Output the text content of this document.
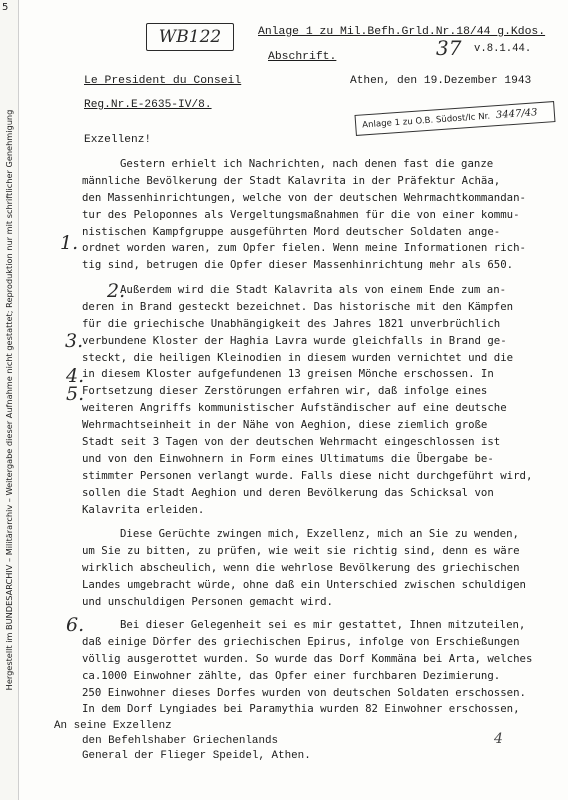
Hergestellt im BUNDESARCHIV – Militärarchiv – Weitergabe dieser Aufnahme nicht gestattet; Reproduktion nur mit schriftlicher Genehmigung
5
WB122	Anlage 1 zu Mil.Befh.Grld.Nr.18/44 g.Kdos.
37 v.8.1.44.
Abschrift.
Le President du Conseil	Athen, den 19.Dezember 1943
Reg.Nr.E-2635-IV/8.
Anlage 1 zu O.B. Südost/Ic Nr. 3447/43
Exzellenz!
Gestern erhielt ich Nachrichten, nach denen fast die ganze
männliche Bevölkerung der Stadt Kalavrita in der Präfektur Achäa,
den Massenhinrichtungen, welche von der deutschen Wehrmachtkommandan-
tur des Peloponnes als Vergeltungsmaßnahmen für die von einer kommu-
nistischen Kampfgruppe ausgeführten Mord deutscher Soldaten ange-
ordnet worden waren, zum Opfer fielen. Wenn meine Informationen rich-
tig sind, betrugen die Opfer dieser Massenhinrichtung mehr als 650.
Außerdem wird die Stadt Kalavrita als von einem Ende zum an-
deren in Brand gesteckt bezeichnet. Das historische mit den Kämpfen
für die griechische Unabhängigkeit des Jahres 1821 unverbrüchlich
verbundene Kloster der Haghia Lavra wurde gleichfalls in Brand ge-
steckt, die heiligen Kleinodien in diesem wurden vernichtet und die
in diesem Kloster aufgefundenen 13 greisen Mönche erschossen. In
Fortsetzung dieser Zerstörungen erfahren wir, daß infolge eines
weiteren Angriffs kommunistischer Aufständischer auf eine deutsche
Wehrmachtseinheit in der Nähe von Aeghion, diese ziemlich große
Stadt seit 3 Tagen von der deutschen Wehrmacht eingeschlossen ist
und von den Einwohnern in Form eines Ultimatums die Übergabe be-
stimmter Personen verlangt wurde. Falls diese nicht durchgeführt wird,
sollen die Stadt Aeghion und deren Bevölkerung das Schicksal von
Kalavrita erleiden.
Diese Gerüchte zwingen mich, Exzellenz, mich an Sie zu wenden,
um Sie zu bitten, zu prüfen, wie weit sie richtig sind, denn es wäre
wirklich abscheulich, wenn die wehrlose Bevölkerung des griechischen
Landes umgebracht würde, ohne daß ein Unterschied zwischen schuldigen
und unschuldigen Personen gemacht wird.
Bei dieser Gelegenheit sei es mir gestattet, Ihnen mitzuteilen,
daß einige Dörfer des griechischen Epirus, infolge von Erschießungen
völlig ausgerottet wurden. So wurde das Dorf Kommäna bei Arta, welches
ca.1000 Einwohner zählte, das Opfer einer furchbaren Dezimierung.
250 Einwohner dieses Dorfes wurden von deutschen Soldaten erschossen.
In dem Dorf Lyngiades bei Paramythia wurden 82 Einwohner erschossen,
1.
2.
3.
4.
5.
6.
An seine Exzellenz
den Befehlshaber Griechenlands
General der Flieger Speidel, Athen.
4
